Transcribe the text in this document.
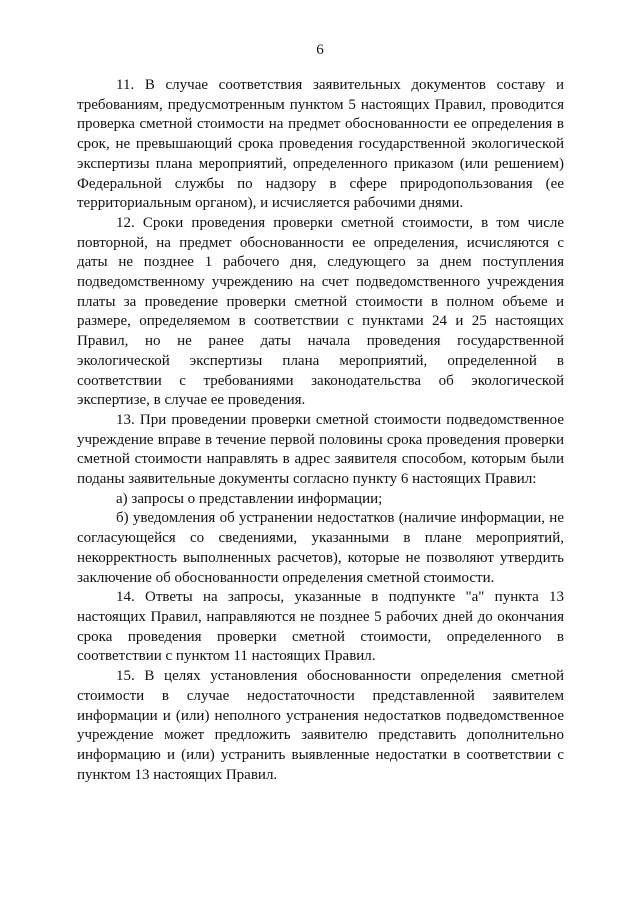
6

11. В случае соответствия заявительных документов составу и требованиям, предусмотренным пунктом 5 настоящих Правил, проводится проверка сметной стоимости на предмет обоснованности ее определения в срок, не превышающий срока проведения государственной экологической экспертизы плана мероприятий, определенного приказом (или решением) Федеральной службы по надзору в сфере природопользования (ее территориальным органом), и исчисляется рабочими днями.

12. Сроки проведения проверки сметной стоимости, в том числе повторной, на предмет обоснованности ее определения, исчисляются с даты не позднее 1 рабочего дня, следующего за днем поступления подведомственному учреждению на счет подведомственного учреждения платы за проведение проверки сметной стоимости в полном объеме и размере, определяемом в соответствии с пунктами 24 и 25 настоящих Правил, но не ранее даты начала проведения государственной экологической экспертизы плана мероприятий, определенной в соответствии с требованиями законодательства об экологической экспертизе, в случае ее проведения.

13. При проведении проверки сметной стоимости подведомственное учреждение вправе в течение первой половины срока проведения проверки сметной стоимости направлять в адрес заявителя способом, которым были поданы заявительные документы согласно пункту 6 настоящих Правил:

а) запросы о представлении информации;

б) уведомления об устранении недостатков (наличие информации, не согласующейся со сведениями, указанными в плане мероприятий, некорректность выполненных расчетов), которые не позволяют утвердить заключение об обоснованности определения сметной стоимости.

14. Ответы на запросы, указанные в подпункте "а" пункта 13 настоящих Правил, направляются не позднее 5 рабочих дней до окончания срока проведения проверки сметной стоимости, определенного в соответствии с пунктом 11 настоящих Правил.

15. В целях установления обоснованности определения сметной стоимости в случае недостаточности представленной заявителем информации и (или) неполного устранения недостатков подведомственное учреждение может предложить заявителю представить дополнительно информацию и (или) устранить выявленные недостатки в соответствии с пунктом 13 настоящих Правил.
